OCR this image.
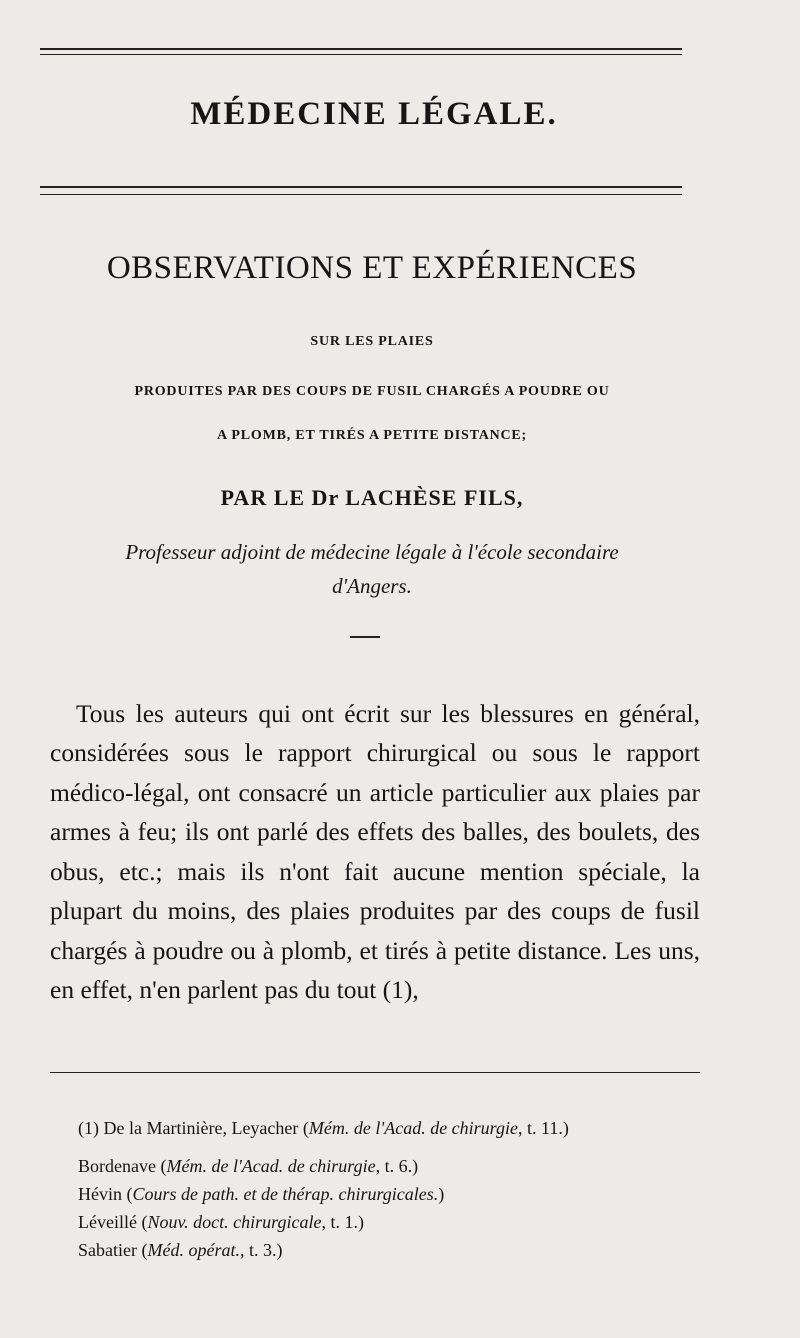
MÉDECINE LÉGALE.
OBSERVATIONS ET EXPÉRIENCES
SUR LES PLAIES
PRODUITES PAR DES COUPS DE FUSIL CHARGÉS A POUDRE OU
A PLOMB, ET TIRÉS A PETITE DISTANCE;
PAR LE Dr LACHÈSE FILS,
Professeur adjoint de médecine légale à l'école secondaire
d'Angers.

Tous les auteurs qui ont écrit sur les blessures en général, considérées sous le rapport chirurgical ou sous le rapport médico-légal, ont consacré un article particulier aux plaies par armes à feu; ils ont parlé des effets des balles, des boulets, des obus, etc.; mais ils n'ont fait aucune mention spéciale, la plupart du moins, des plaies produites par des coups de fusil chargés à poudre ou à plomb, et tirés à petite distance. Les uns, en effet, n'en parlent pas du tout (1),

(1) De la Martinière, Leyacher (Mém. de l'Acad. de chirurgie, t. 11.)

Bordenave (Mém. de l'Acad. de chirurgie, t. 6.)

Hévin (Cours de path. et de thérap. chirurgicales.)

Léveillé (Nouv. doct. chirurgicale, t. 1.)

Sabatier (Méd. opérat., t. 3.)
